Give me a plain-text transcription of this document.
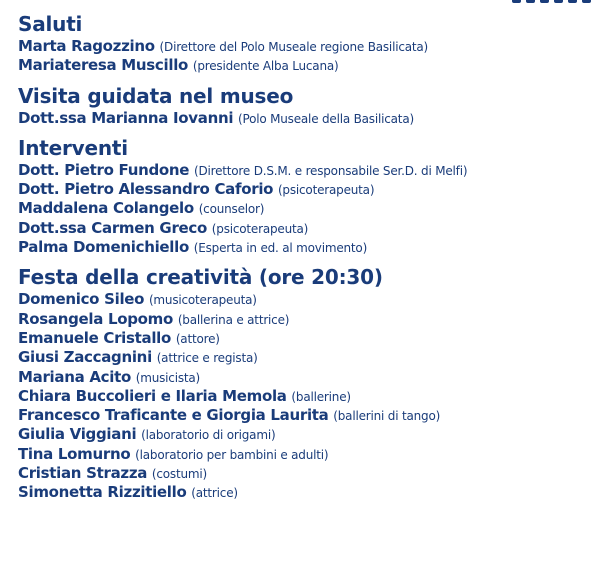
Saluti
Marta Ragozzino (Direttore del Polo Museale regione Basilicata)
Mariateresa Muscillo (presidente Alba Lucana)
Visita guidata nel museo
Dott.ssa Marianna Iovanni (Polo Museale della Basilicata)
Interventi
Dott. Pietro Fundone (Direttore D.S.M. e responsabile Ser.D. di Melfi)
Dott. Pietro Alessandro Caforio (psicoterapeuta)
Maddalena Colangelo (counselor)
Dott.ssa Carmen Greco (psicoterapeuta)
Palma Domenichiello (Esperta in ed. al movimento)
Festa della creatività (ore 20:30)
Domenico Sileo (musicoterapeuta)
Rosangela Lopomo (ballerina e attrice)
Emanuele Cristallo (attore)
Giusi Zaccagnini (attrice e regista)
Mariana Acito (musicista)
Chiara Buccolieri e Ilaria Memola (ballerine)
Francesco Traficante e Giorgia Laurita (ballerini di tango)
Giulia Viggiani (laboratorio di origami)
Tina Lomurno (laboratorio per bambini e adulti)
Cristian Strazza (costumi)
Simonetta Rizzitiello (attrice)
